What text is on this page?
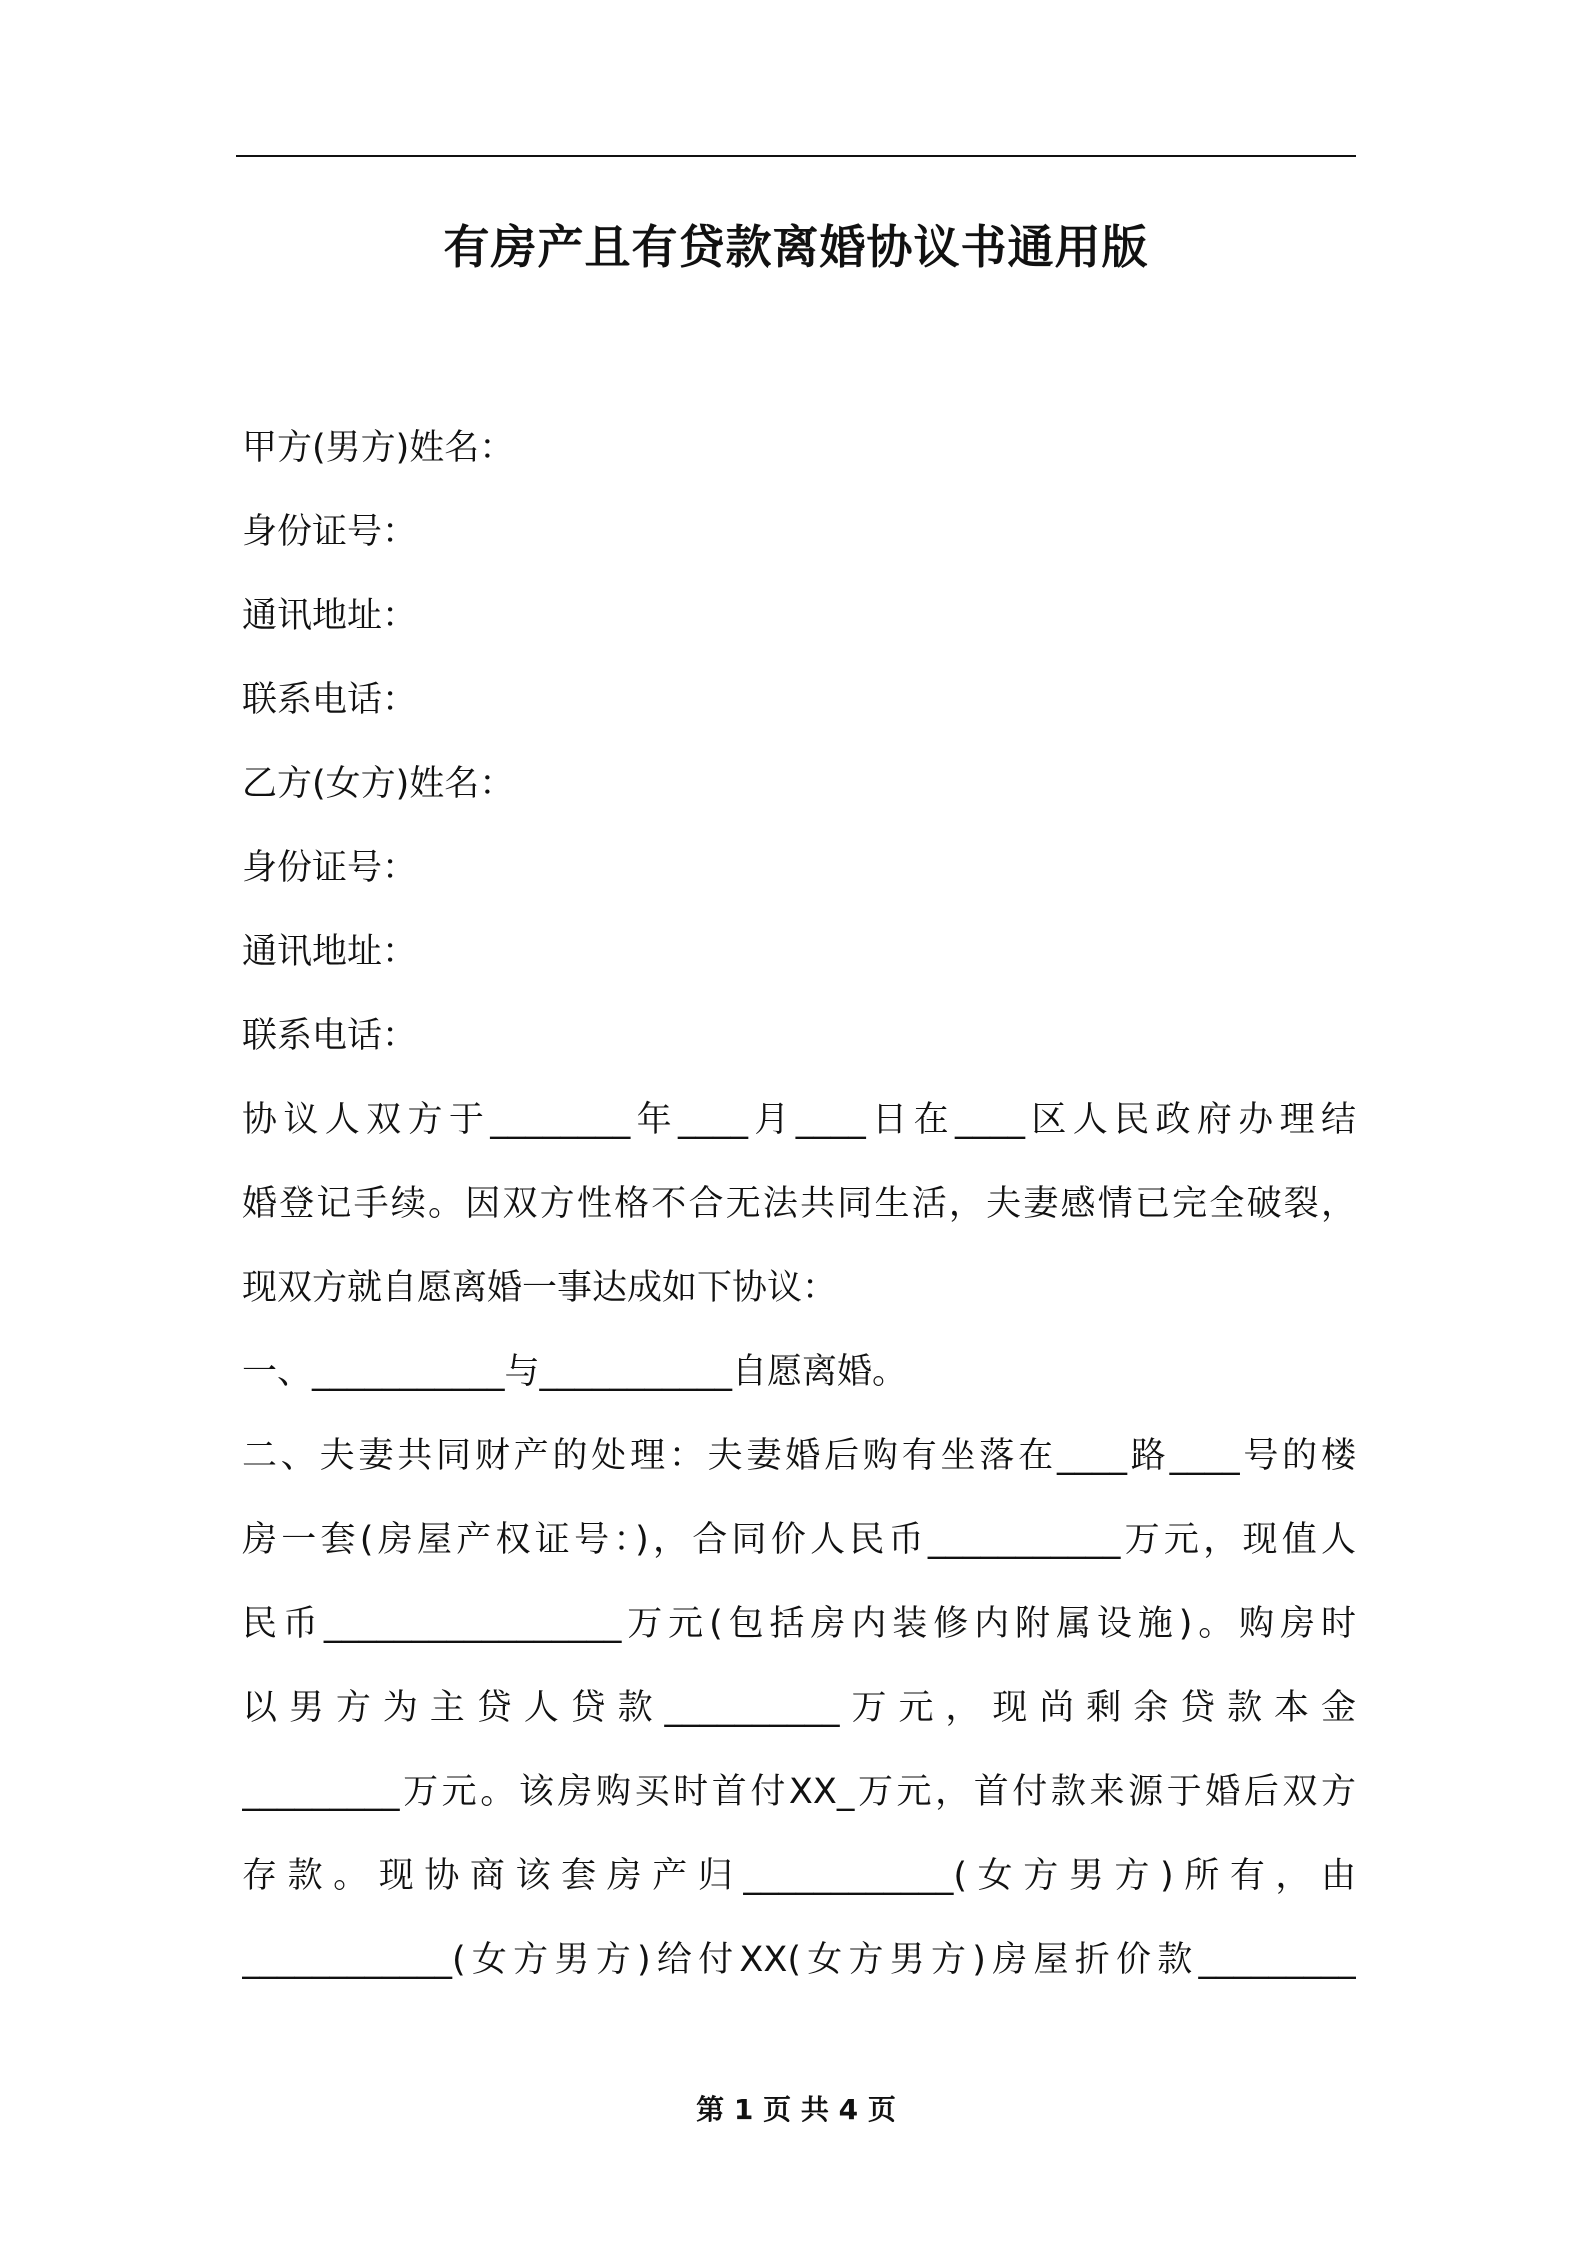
有房产且有贷款离婚协议书通用版
甲方(男方)姓名：
身份证号：
通讯地址：
联系电话：
乙方(女方)姓名：
身份证号：
通讯地址：
联系电话：
协议人双方于________年____月____日在____区人民政府办理结
婚登记手续。因双方性格不合无法共同生活，夫妻感情已完全破裂，
现双方就自愿离婚一事达成如下协议：
一、___________与___________自愿离婚。
二、夫妻共同财产的处理：夫妻婚后购有坐落在____路____号的楼
房一套(房屋产权证号：)，合同价人民币___________万元，现值人
民币_________________万元(包括房内装修内附属设施)。购房时
以男方为主贷人贷款__________万元，现尚剩余贷款本金
_________万元。该房购买时首付XX_万元，首付款来源于婚后双方
存款。现协商该套房产归____________(女方男方)所有，由
____________(女方男方)给付XX(女方男方)房屋折价款_________
第 1 页 共 4 页
